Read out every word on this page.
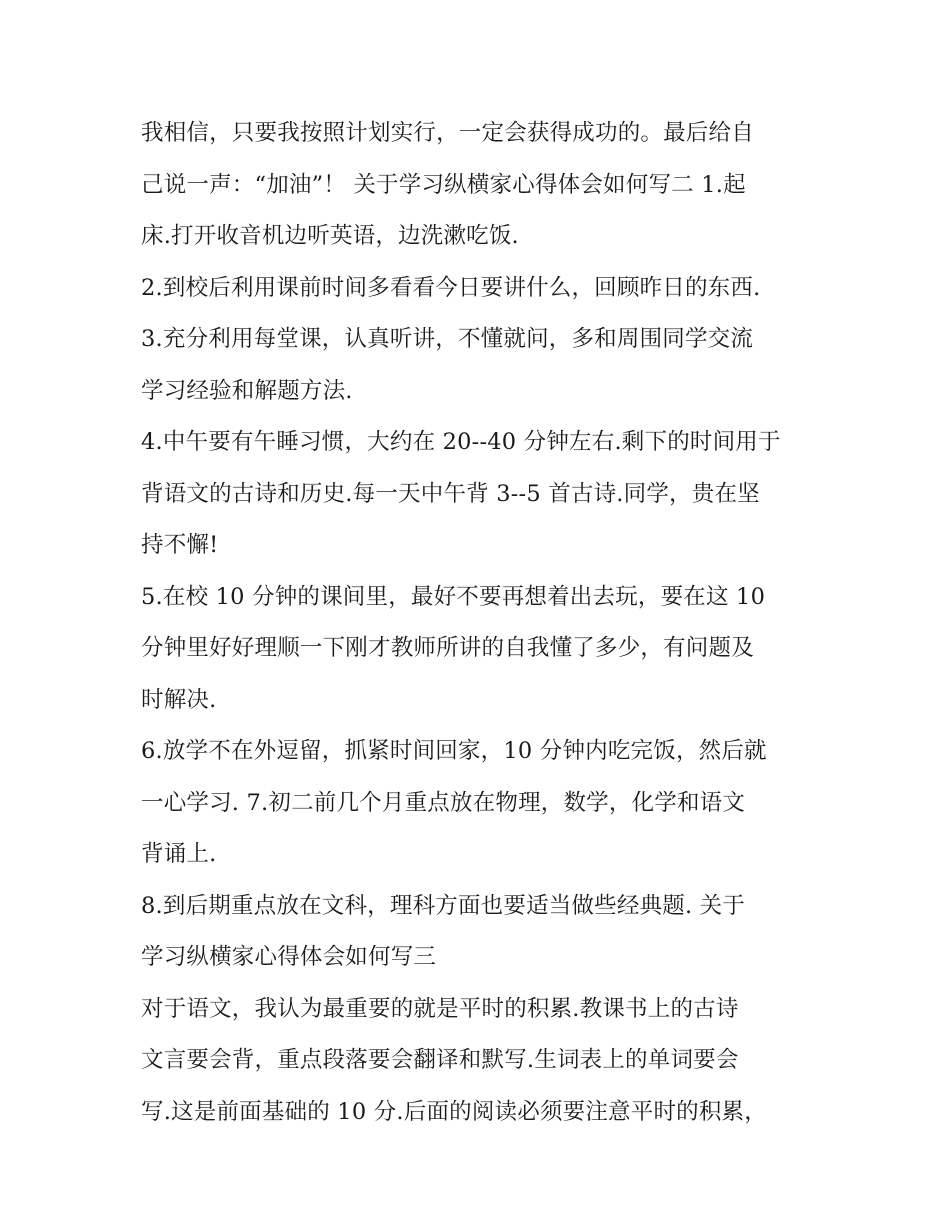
我相信，只要我按照计划实行，一定会获得成功的。最后给自
己说一声：“加油”！ 关于学习纵横家心得体会如何写二 1.起
床.打开收音机边听英语，边洗漱吃饭.
2.到校后利用课前时间多看看今日要讲什么，回顾昨日的东西.
3.充分利用每堂课，认真听讲，不懂就问，多和周围同学交流
学习经验和解题方法.
4.中午要有午睡习惯，大约在 20--40 分钟左右.剩下的时间用于
背语文的古诗和历史.每一天中午背 3--5 首古诗.同学，贵在坚
持不懈!
5.在校 10 分钟的课间里，最好不要再想着出去玩，要在这 10
分钟里好好理顺一下刚才教师所讲的自我懂了多少，有问题及
时解决.
6.放学不在外逗留，抓紧时间回家，10 分钟内吃完饭，然后就
一心学习. 7.初二前几个月重点放在物理，数学，化学和语文
背诵上.
8.到后期重点放在文科，理科方面也要适当做些经典题. 关于
学习纵横家心得体会如何写三
对于语文，我认为最重要的就是平时的积累.教课书上的古诗
文言要会背，重点段落要会翻译和默写.生词表上的单词要会
写.这是前面基础的 10 分.后面的阅读必须要注意平时的积累，
